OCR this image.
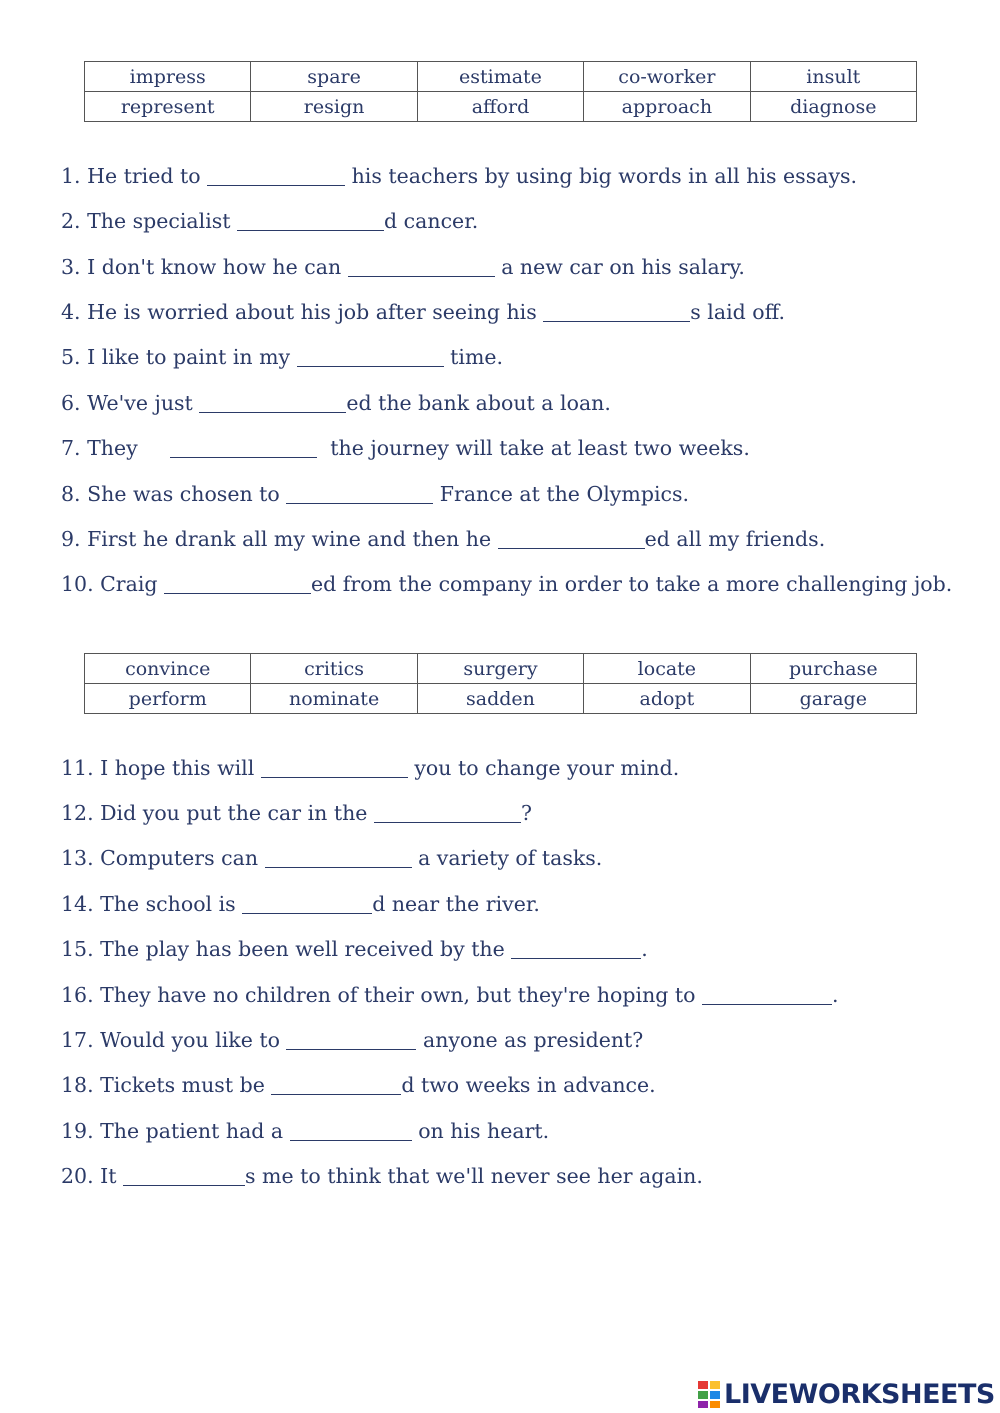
impress	spare	estimate	co-worker	insult
represent	resign	afford	approach	diagnose
1. He tried to	his teachers by using big words in all his essays.
2. The specialist	d cancer.
3. I don't know how he can	a new car on his salary.
4. He is worried about his job after seeing his	s laid off.
5. I like to paint in my	time.
6. We've just	ed the bank about a loan.
7. They	the journey will take at least two weeks.
8. She was chosen to	France at the Olympics.
9. First he drank all my wine and then he	ed all my friends.
10. Craig	ed from the company in order to take a more challenging job.
convince	critics	surgery	locate	purchase
perform	nominate	sadden	adopt	garage
11. I hope this will	you to change your mind.
12. Did you put the car in the	?
13. Computers can	a variety of tasks.
14. The school is	d near the river.
15. The play has been well received by the	.
16. They have no children of their own, but they're hoping to	.
17. Would you like to	anyone as president?
18. Tickets must be	d two weeks in advance.
19. The patient had a	on his heart.
20. It	s me to think that we'll never see her again.
LIVEWORKSHEETS
